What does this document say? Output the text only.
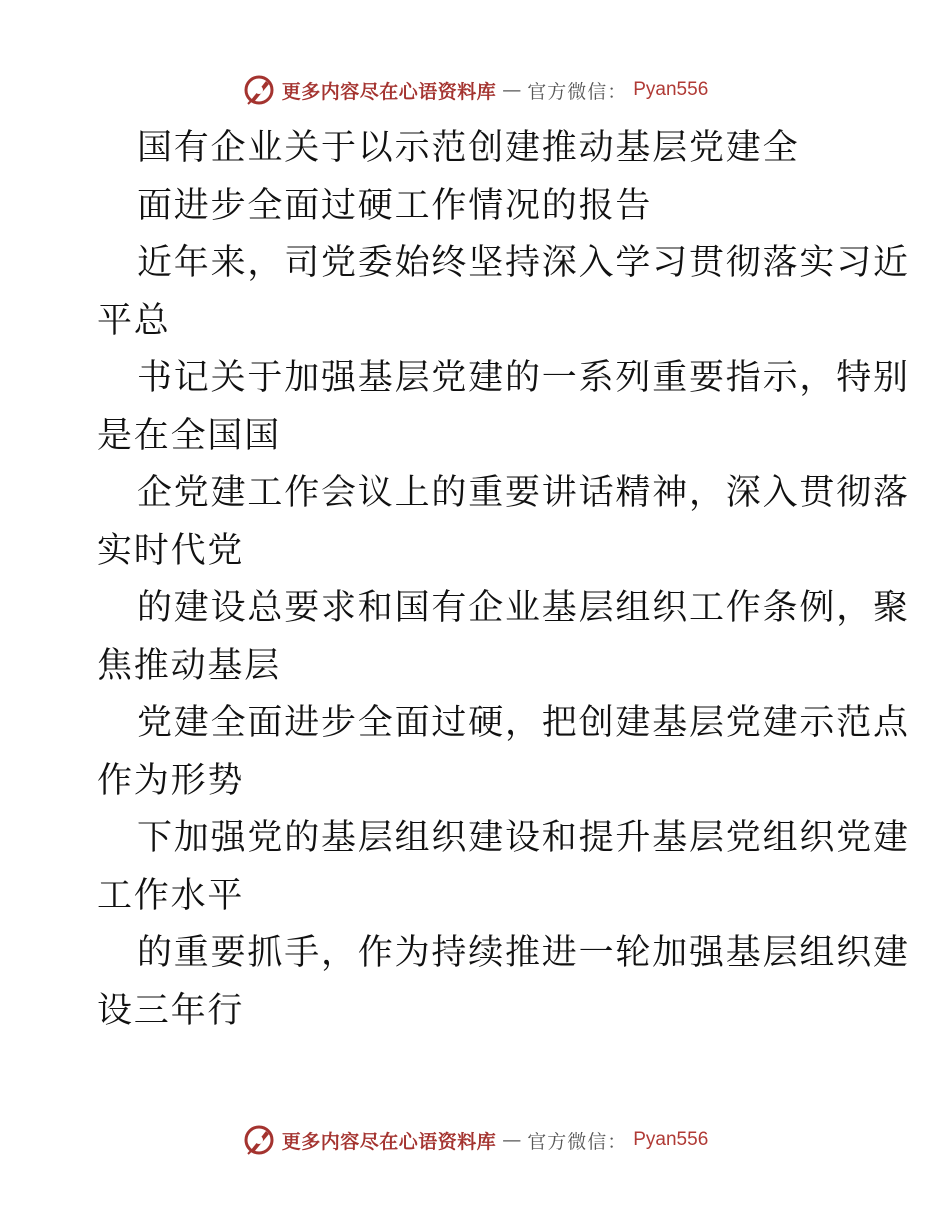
更多内容尽在心语资料库 — 官方微信： Pyan556
国有企业关于以示范创建推动基层党建全
面进步全面过硬工作情况的报告
近年来，司党委始终坚持深入学习贯彻落实习近
平总
书记关于加强基层党建的一系列重要指示，特别
是在全国国
企党建工作会议上的重要讲话精神，深入贯彻落
实时代党
的建设总要求和国有企业基层组织工作条例，聚
焦推动基层
党建全面进步全面过硬，把创建基层党建示范点
作为形势
下加强党的基层组织建设和提升基层党组织党建
工作水平
的重要抓手，作为持续推进一轮加强基层组织建
设三年行
更多内容尽在心语资料库 — 官方微信： Pyan556
